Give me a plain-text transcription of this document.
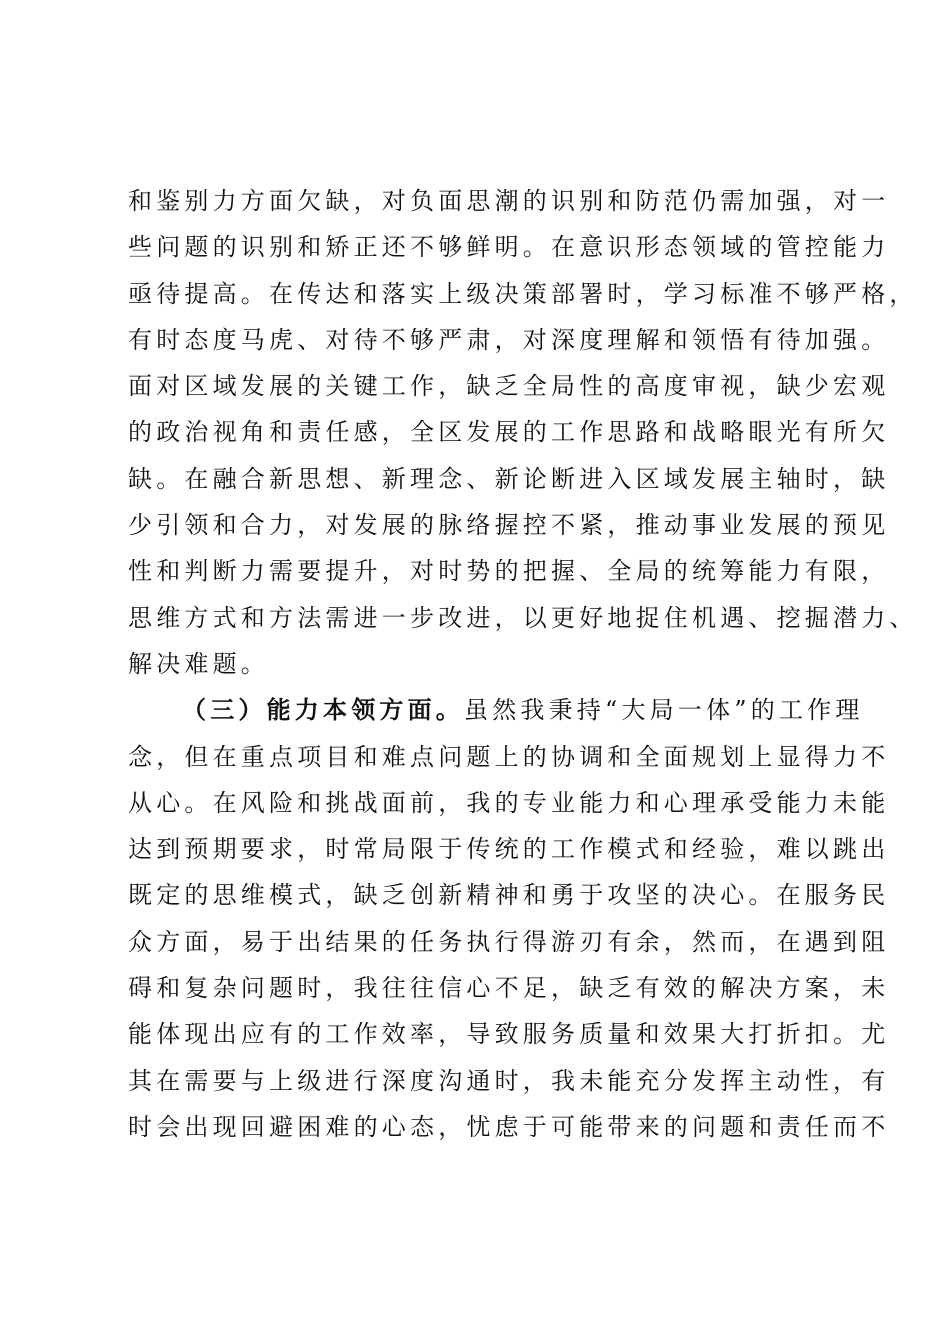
和鉴别力方面欠缺，对负面思潮的识别和防范仍需加强，对一
些问题的识别和矫正还不够鲜明。在意识形态领域的管控能力
亟待提高。在传达和落实上级决策部署时，学习标准不够严格，
有时态度马虎、对待不够严肃，对深度理解和领悟有待加强。
面对区域发展的关键工作，缺乏全局性的高度审视，缺少宏观
的政治视角和责任感，全区发展的工作思路和战略眼光有所欠
缺。在融合新思想、新理念、新论断进入区域发展主轴时，缺
少引领和合力，对发展的脉络握控不紧，推动事业发展的预见
性和判断力需要提升，对时势的把握、全局的统筹能力有限，
思维方式和方法需进一步改进，以更好地捉住机遇、挖掘潜力、
解决难题。
（三）能力本领方面。虽然我秉持“大局一体”的工作理
念，但在重点项目和难点问题上的协调和全面规划上显得力不
从心。在风险和挑战面前，我的专业能力和心理承受能力未能
达到预期要求，时常局限于传统的工作模式和经验，难以跳出
既定的思维模式，缺乏创新精神和勇于攻坚的决心。在服务民
众方面，易于出结果的任务执行得游刃有余，然而，在遇到阻
碍和复杂问题时，我往往信心不足，缺乏有效的解决方案，未
能体现出应有的工作效率，导致服务质量和效果大打折扣。尤
其在需要与上级进行深度沟通时，我未能充分发挥主动性，有
时会出现回避困难的心态，忧虑于可能带来的问题和责任而不
